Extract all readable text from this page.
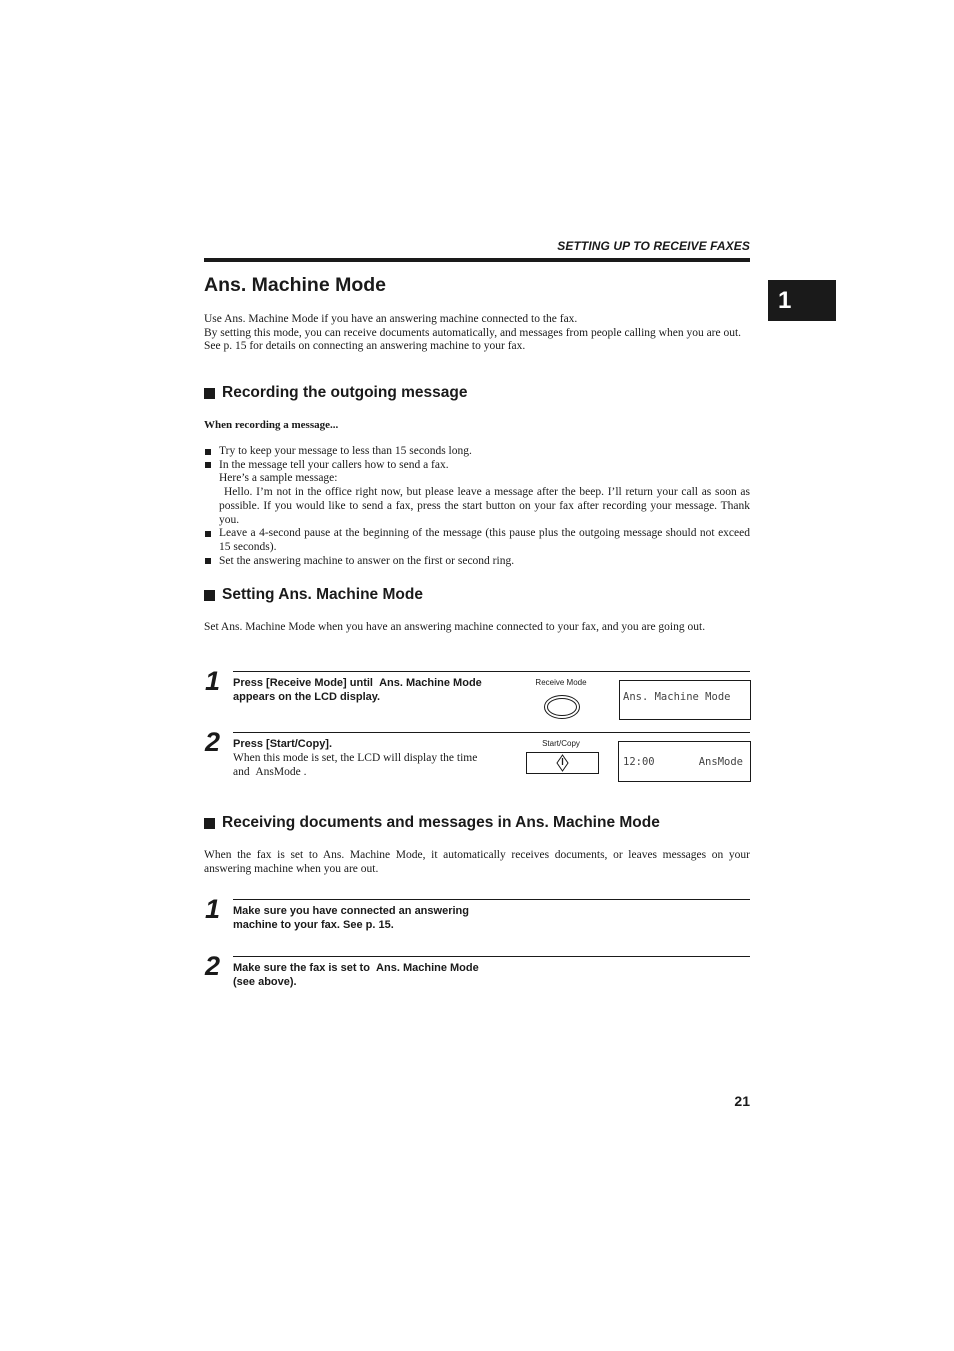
SETTING UP TO RECEIVE FAXES
1
Ans. Machine Mode

Use Ans. Machine Mode if you have an answering machine connected to the fax.

By setting this mode, you can receive documents automatically, and messages from people calling when you are out.

See p. 15 for details on connecting an answering machine to your fax.

Recording the outgoing message
When recording a message...
Try to keep your message to less than 15 seconds long.
In the message tell your callers how to send a fax.
Here’s a sample message:
Hello. I’m not in the office right now, but please leave a message after the beep. I’ll return your call as soon as possible. If you would like to send a fax, press the start button on your fax after recording your message. Thank you.
Leave a 4-second pause at the beginning of the message (this pause plus the outgoing message should not exceed 15 seconds).
Set the answering machine to answer on the first or second ring.
Setting Ans. Machine Mode

Set Ans. Machine Mode when you have an answering machine connected to your fax, and you are going out.

1 Press [Receive Mode] until  Ans. Machine Mode  appears on the LCD display.
Receive Mode
Ans. Machine Mode
2 Press [Start/Copy].
When this mode is set, the LCD will display the time and  AnsMode .
Start/Copy
12:00	AnsMode
Receiving documents and messages in Ans. Machine Mode

When the fax is set to Ans. Machine Mode, it automatically receives documents, or leaves messages on your answering machine when you are out.

1 Make sure you have connected an answering machine to your fax. See p. 15.
2 Make sure the fax is set to  Ans. Machine Mode  (see above).
21
